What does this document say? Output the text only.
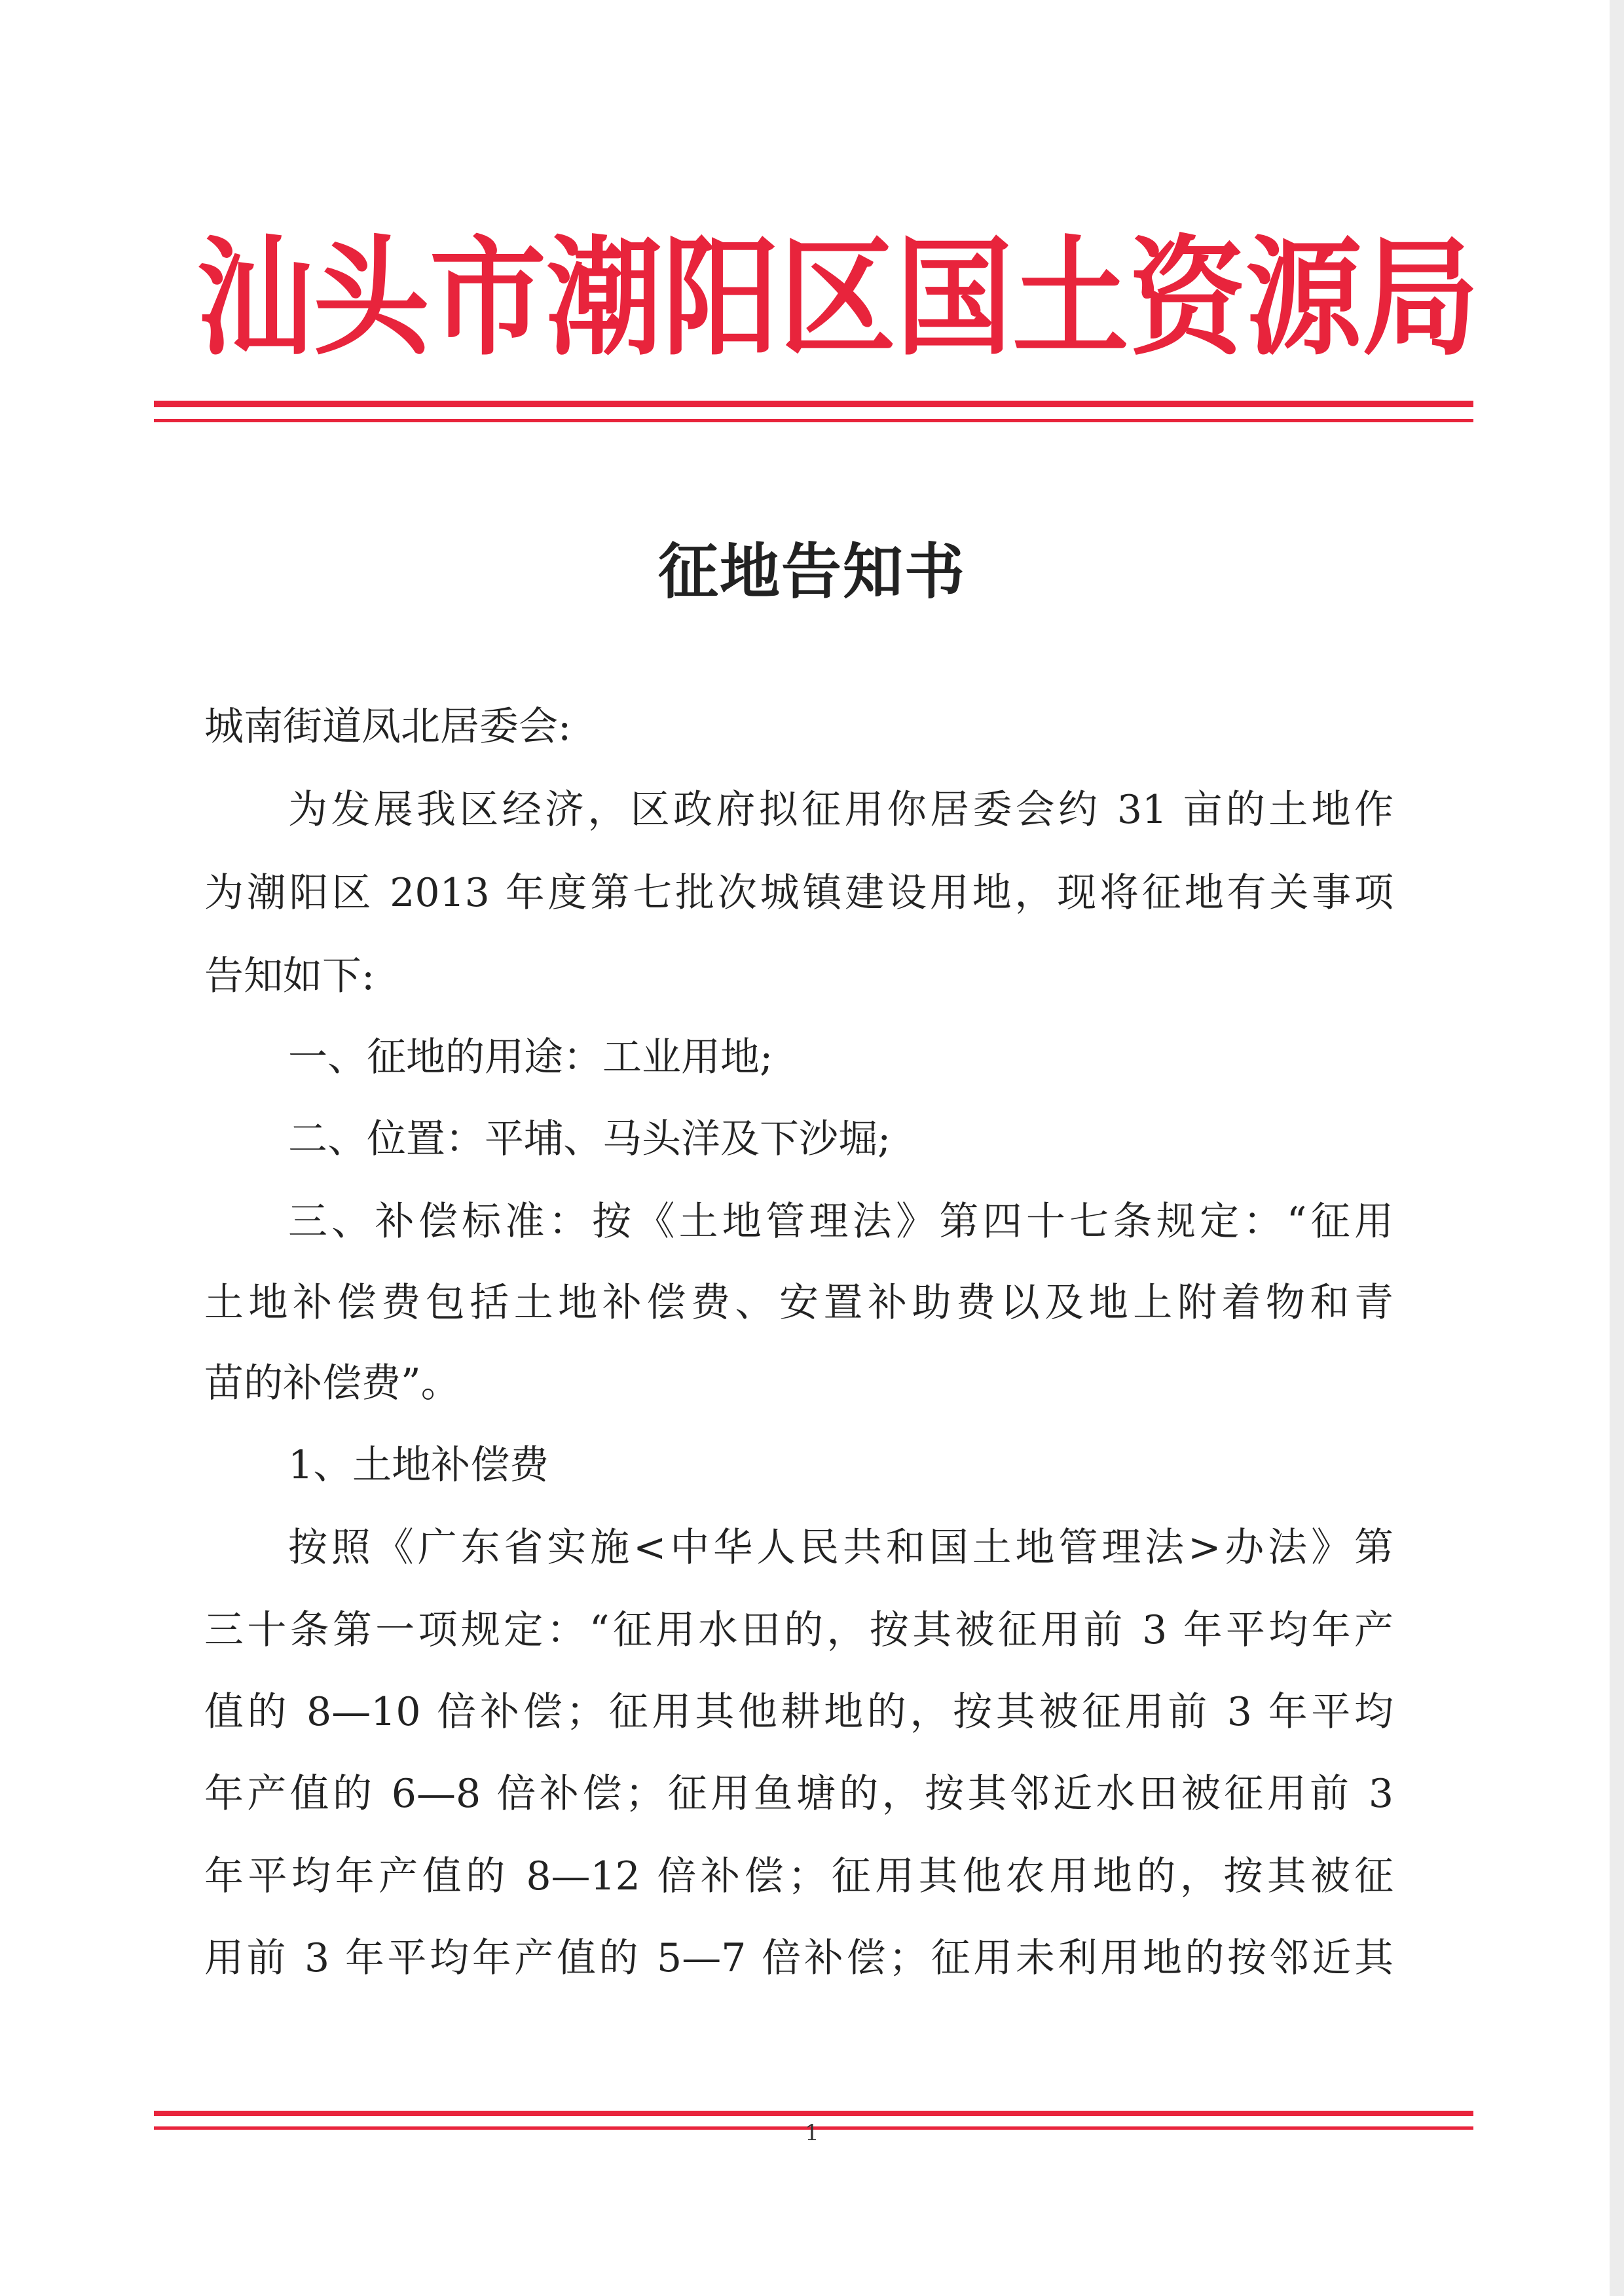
汕 头 市 潮 阳 区 国 土 资 源 局
征地告知书
城南街道凤北居委会:
为发展我区经济，区政府拟征用你居委会约 31 亩的土地作
为潮阳区 2013 年度第七批次城镇建设用地，现将征地有关事项
告知如下:
一、征地的用途：工业用地;
二、位置：平埔、马头洋及下沙堀;
三、补偿标准：按《土地管理法》第四十七条规定：“征用
土地补偿费包括土地补偿费、安置补助费以及地上附着物和青
苗的补偿费”。
1、土地补偿费
按照《广东省实施<中华人民共和国土地管理法>办法》第
三十条第一项规定：“征用水田的，按其被征用前 3 年平均年产
值的 8—10 倍补偿；征用其他耕地的，按其被征用前 3 年平均
年产值的 6—8 倍补偿；征用鱼塘的，按其邻近水田被征用前 3
年平均年产值的 8—12 倍补偿；征用其他农用地的，按其被征
用前 3 年平均年产值的 5—7 倍补偿；征用未利用地的按邻近其
1
